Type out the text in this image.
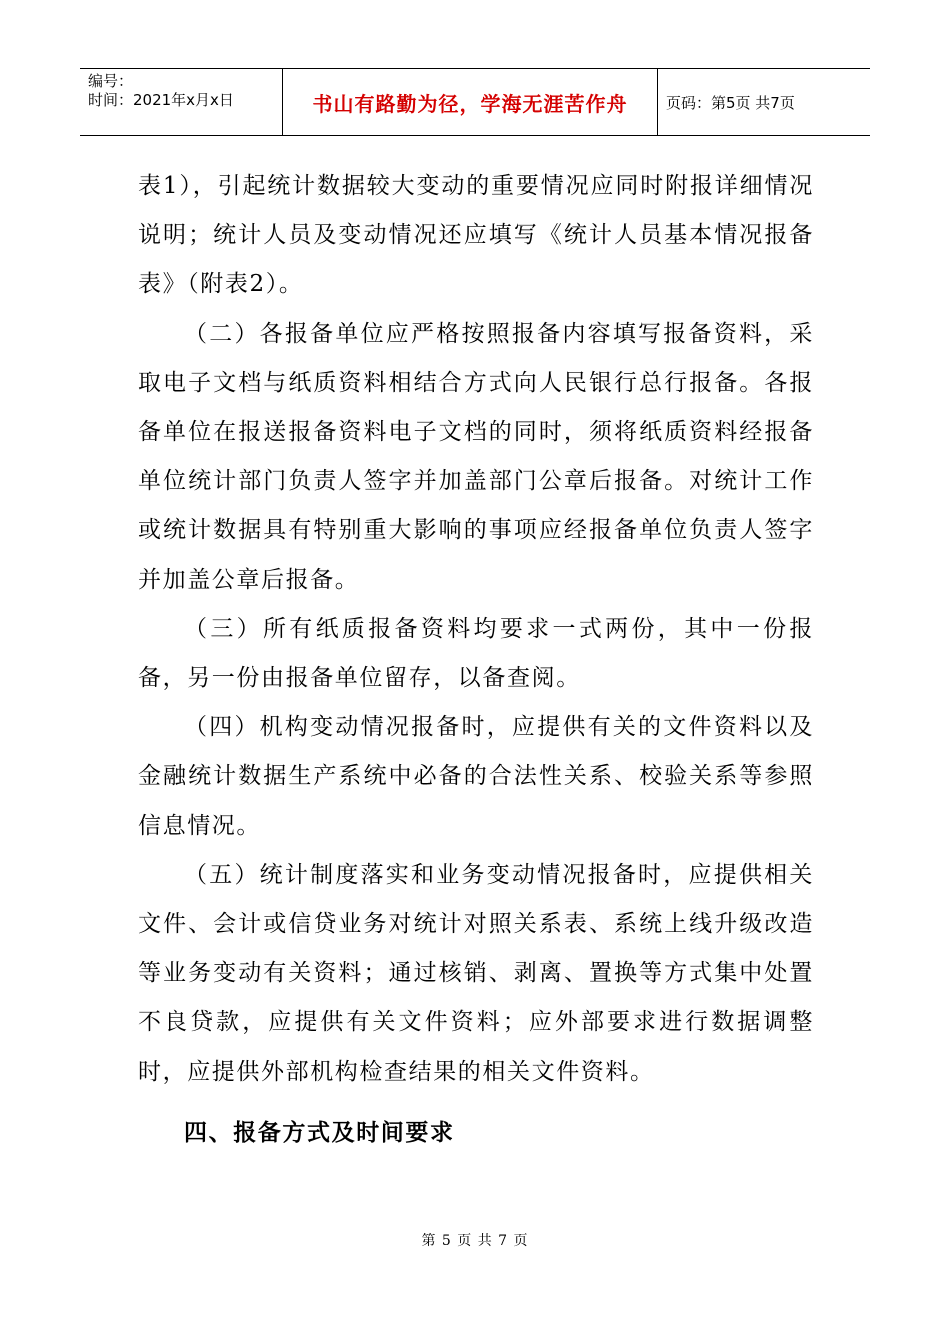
编号：
时间：2021年x月x日	书山有路勤为径，学海无涯苦作舟	页码：第5页 共7页

表1），引起统计数据较大变动的重要情况应同时附报详细情况说明；统计人员及变动情况还应填写《统计人员基本情况报备表》（附表2）。

（二）各报备单位应严格按照报备内容填写报备资料，采取电子文档与纸质资料相结合方式向人民银行总行报备。各报备单位在报送报备资料电子文档的同时，须将纸质资料经报备单位统计部门负责人签字并加盖部门公章后报备。对统计工作或统计数据具有特别重大影响的事项应经报备单位负责人签字并加盖公章后报备。

（三）所有纸质报备资料均要求一式两份，其中一份报备，另一份由报备单位留存，以备查阅。

（四）机构变动情况报备时，应提供有关的文件资料以及金融统计数据生产系统中必备的合法性关系、校验关系等参照信息情况。

（五）统计制度落实和业务变动情况报备时，应提供相关文件、会计或信贷业务对统计对照关系表、系统上线升级改造等业务变动有关资料；通过核销、剥离、置换等方式集中处置不良贷款，应提供有关文件资料；应外部要求进行数据调整时，应提供外部机构检查结果的相关文件资料。

四、报备方式及时间要求
第 5 页 共 7 页
